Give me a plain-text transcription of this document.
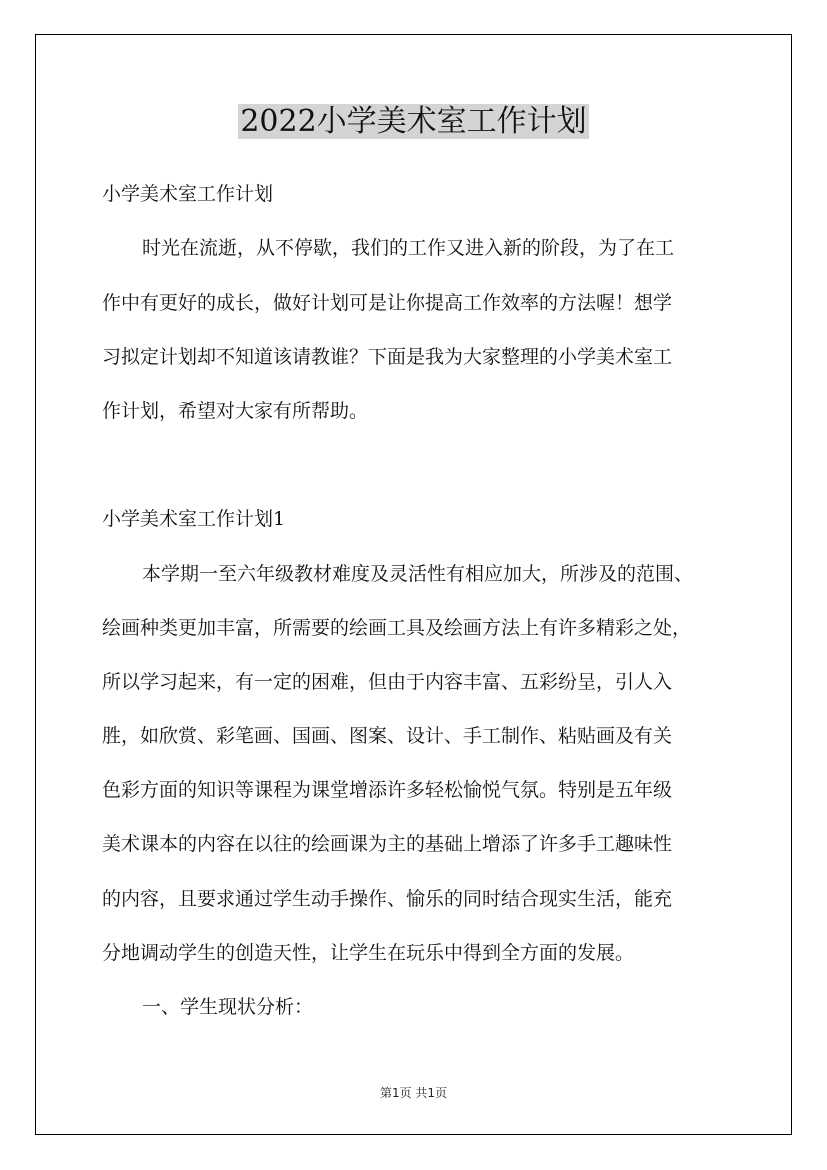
2022小学美术室工作计划
小学美术室工作计划
时光在流逝，从不停歇，我们的工作又进入新的阶段，为了在工
作中有更好的成长，做好计划可是让你提高工作效率的方法喔！想学
习拟定计划却不知道该请教谁？下面是我为大家整理的小学美术室工
作计划，希望对大家有所帮助。
小学美术室工作计划1
本学期一至六年级教材难度及灵活性有相应加大，所涉及的范围、
绘画种类更加丰富，所需要的绘画工具及绘画方法上有许多精彩之处，
所以学习起来，有一定的困难，但由于内容丰富、五彩纷呈，引人入
胜，如欣赏、彩笔画、国画、图案、设计、手工制作、粘贴画及有关
色彩方面的知识等课程为课堂增添许多轻松愉悦气氛。特别是五年级
美术课本的内容在以往的绘画课为主的基础上增添了许多手工趣味性
的内容，且要求通过学生动手操作、愉乐的同时结合现实生活，能充
分地调动学生的创造天性，让学生在玩乐中得到全方面的发展。
一、学生现状分析：
第1页 共1页
